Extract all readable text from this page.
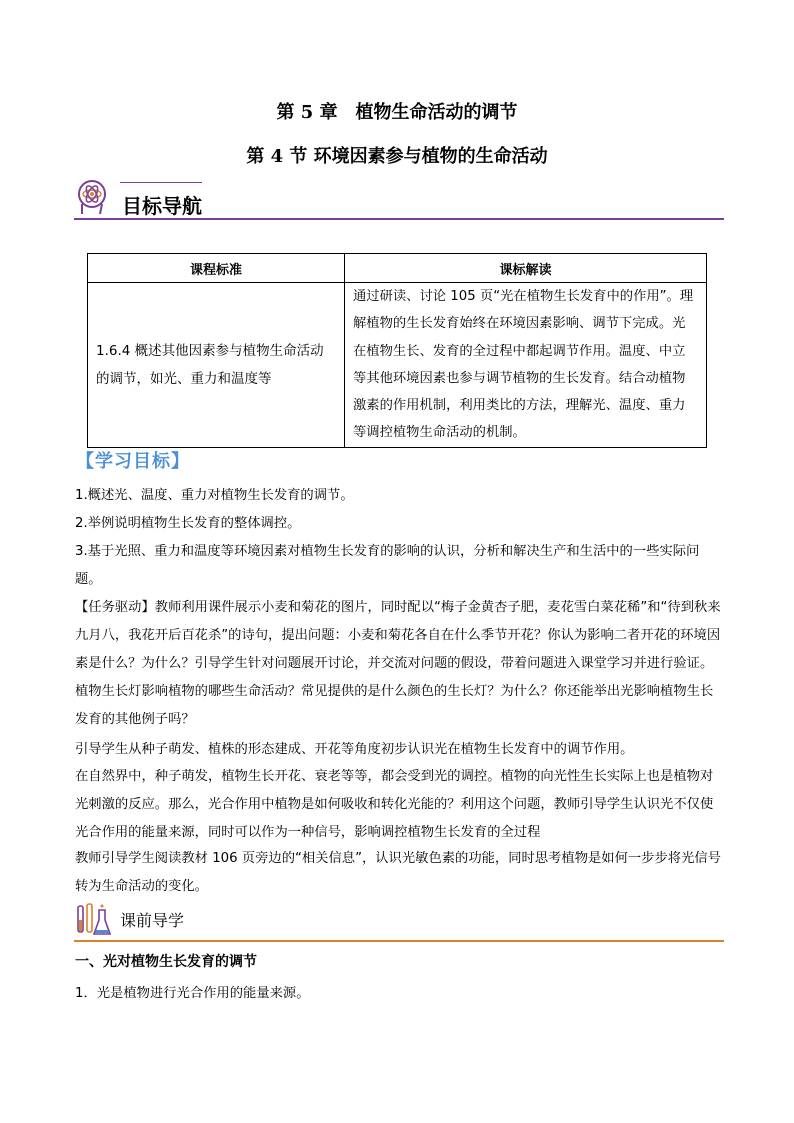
第 5 章　植物生命活动的调节
第 4 节 环境因素参与植物的生命活动
目标导航
课程标准	课标解读
1.6.4 概述其他因素参与植物生命活动的调节，如光、重力和温度等	通过研读、讨论 105 页“光在植物生长发育中的作用”。理解植物的生长发育始终在环境因素影响、调节下完成。光在植物生长、发育的全过程中都起调节作用。温度、中立等其他环境因素也参与调节植物的生长发育。结合动植物激素的作用机制，利用类比的方法，理解光、温度、重力等调控植物生命活动的机制。
【学习目标】
1.概述光、温度、重力对植物生长发育的调节。
2.举例说明植物生长发育的整体调控。
3.基于光照、重力和温度等环境因素对植物生长发育的影响的认识，分析和解决生产和生活中的一些实际问题。
【任务驱动】教师利用课件展示小麦和菊花的图片，同时配以“梅子金黄杏子肥，麦花雪白菜花稀”和“待到秋来九月八，我花开后百花杀”的诗句，提出问题：小麦和菊花各自在什么季节开花？你认为影响二者开花的环境因素是什么？为什么？引导学生针对问题展开讨论，并交流对问题的假设，带着问题进入课堂学习并进行验证。植物生长灯影响植物的哪些生命活动？常见提供的是什么颜色的生长灯？为什么？你还能举出光影响植物生长发育的其他例子吗？
引导学生从种子萌发、植株的形态建成、开花等角度初步认识光在植物生长发育中的调节作用。
在自然界中，种子萌发，植物生长开花、衰老等等，都会受到光的调控。植物的向光性生长实际上也是植物对光刺激的反应。那么，光合作用中植物是如何吸收和转化光能的？利用这个问题，教师引导学生认识光不仅使光合作用的能量来源，同时可以作为一种信号，影响调控植物生长发育的全过程
教师引导学生阅读教材 106 页旁边的“相关信息”，认识光敏色素的功能，同时思考植物是如何一步步将光信号转为生命活动的变化。
课前导学
一、光对植物生长发育的调节
1．光是植物进行光合作用的能量来源。
